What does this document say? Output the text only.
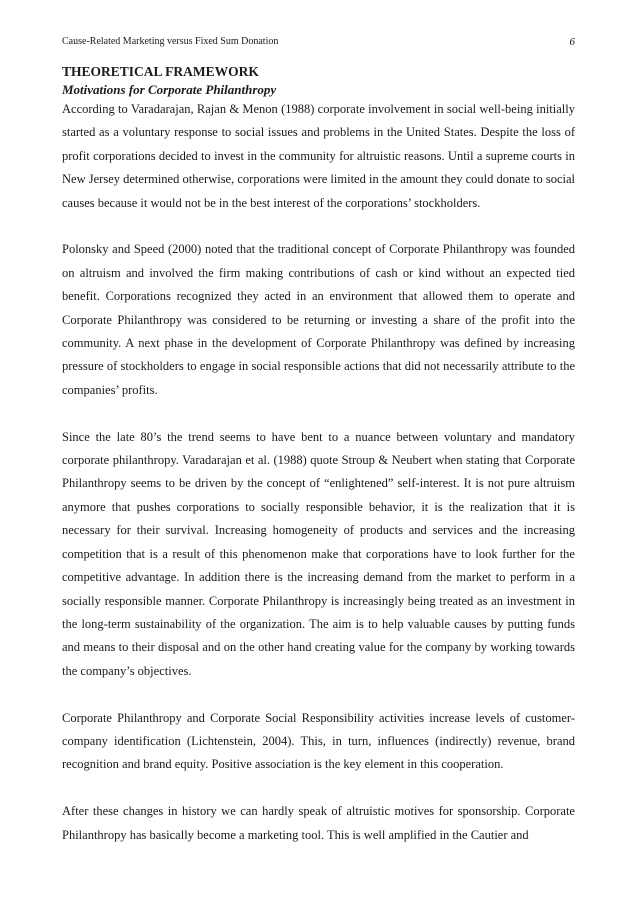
Cause-Related Marketing versus Fixed Sum Donation	6
THEORETICAL FRAMEWORK
Motivations for Corporate Philanthropy

According to Varadarajan, Rajan & Menon (1988) corporate involvement in social well-being initially started as a voluntary response to social issues and problems in the United States. Despite the loss of profit corporations decided to invest in the community for altruistic reasons. Until a supreme courts in New Jersey determined otherwise, corporations were limited in the amount they could donate to social causes because it would not be in the best interest of the corporations’ stockholders.

Polonsky and Speed (2000) noted that the traditional concept of Corporate Philanthropy was founded on altruism and involved the firm making contributions of cash or kind without an expected tied benefit. Corporations recognized they acted in an environment that allowed them to operate and Corporate Philanthropy was considered to be returning or investing a share of the profit into the community. A next phase in the development of Corporate Philanthropy was defined by increasing pressure of stockholders to engage in social responsible actions that did not necessarily attribute to the companies’ profits.

Since the late 80’s the trend seems to have bent to a nuance between voluntary and mandatory corporate philanthropy. Varadarajan et al. (1988) quote Stroup & Neubert when stating that Corporate Philanthropy seems to be driven by the concept of “enlightened” self-interest. It is not pure altruism anymore that pushes corporations to socially responsible behavior, it is the realization that it is necessary for their survival. Increasing homogeneity of products and services and the increasing competition that is a result of this phenomenon make that corporations have to look further for the competitive advantage. In addition there is the increasing demand from the market to perform in a socially responsible manner. Corporate Philanthropy is increasingly being treated as an investment in the long-term sustainability of the organization. The aim is to help valuable causes by putting funds and means to their disposal and on the other hand creating value for the company by working towards the company’s objectives.

Corporate Philanthropy and Corporate Social Responsibility activities increase levels of customer-company identification (Lichtenstein, 2004). This, in turn, influences (indirectly) revenue, brand recognition and brand equity. Positive association is the key element in this cooperation.

After these changes in history we can hardly speak of altruistic motives for sponsorship. Corporate Philanthropy has basically become a marketing tool. This is well amplified in the Cautier and
